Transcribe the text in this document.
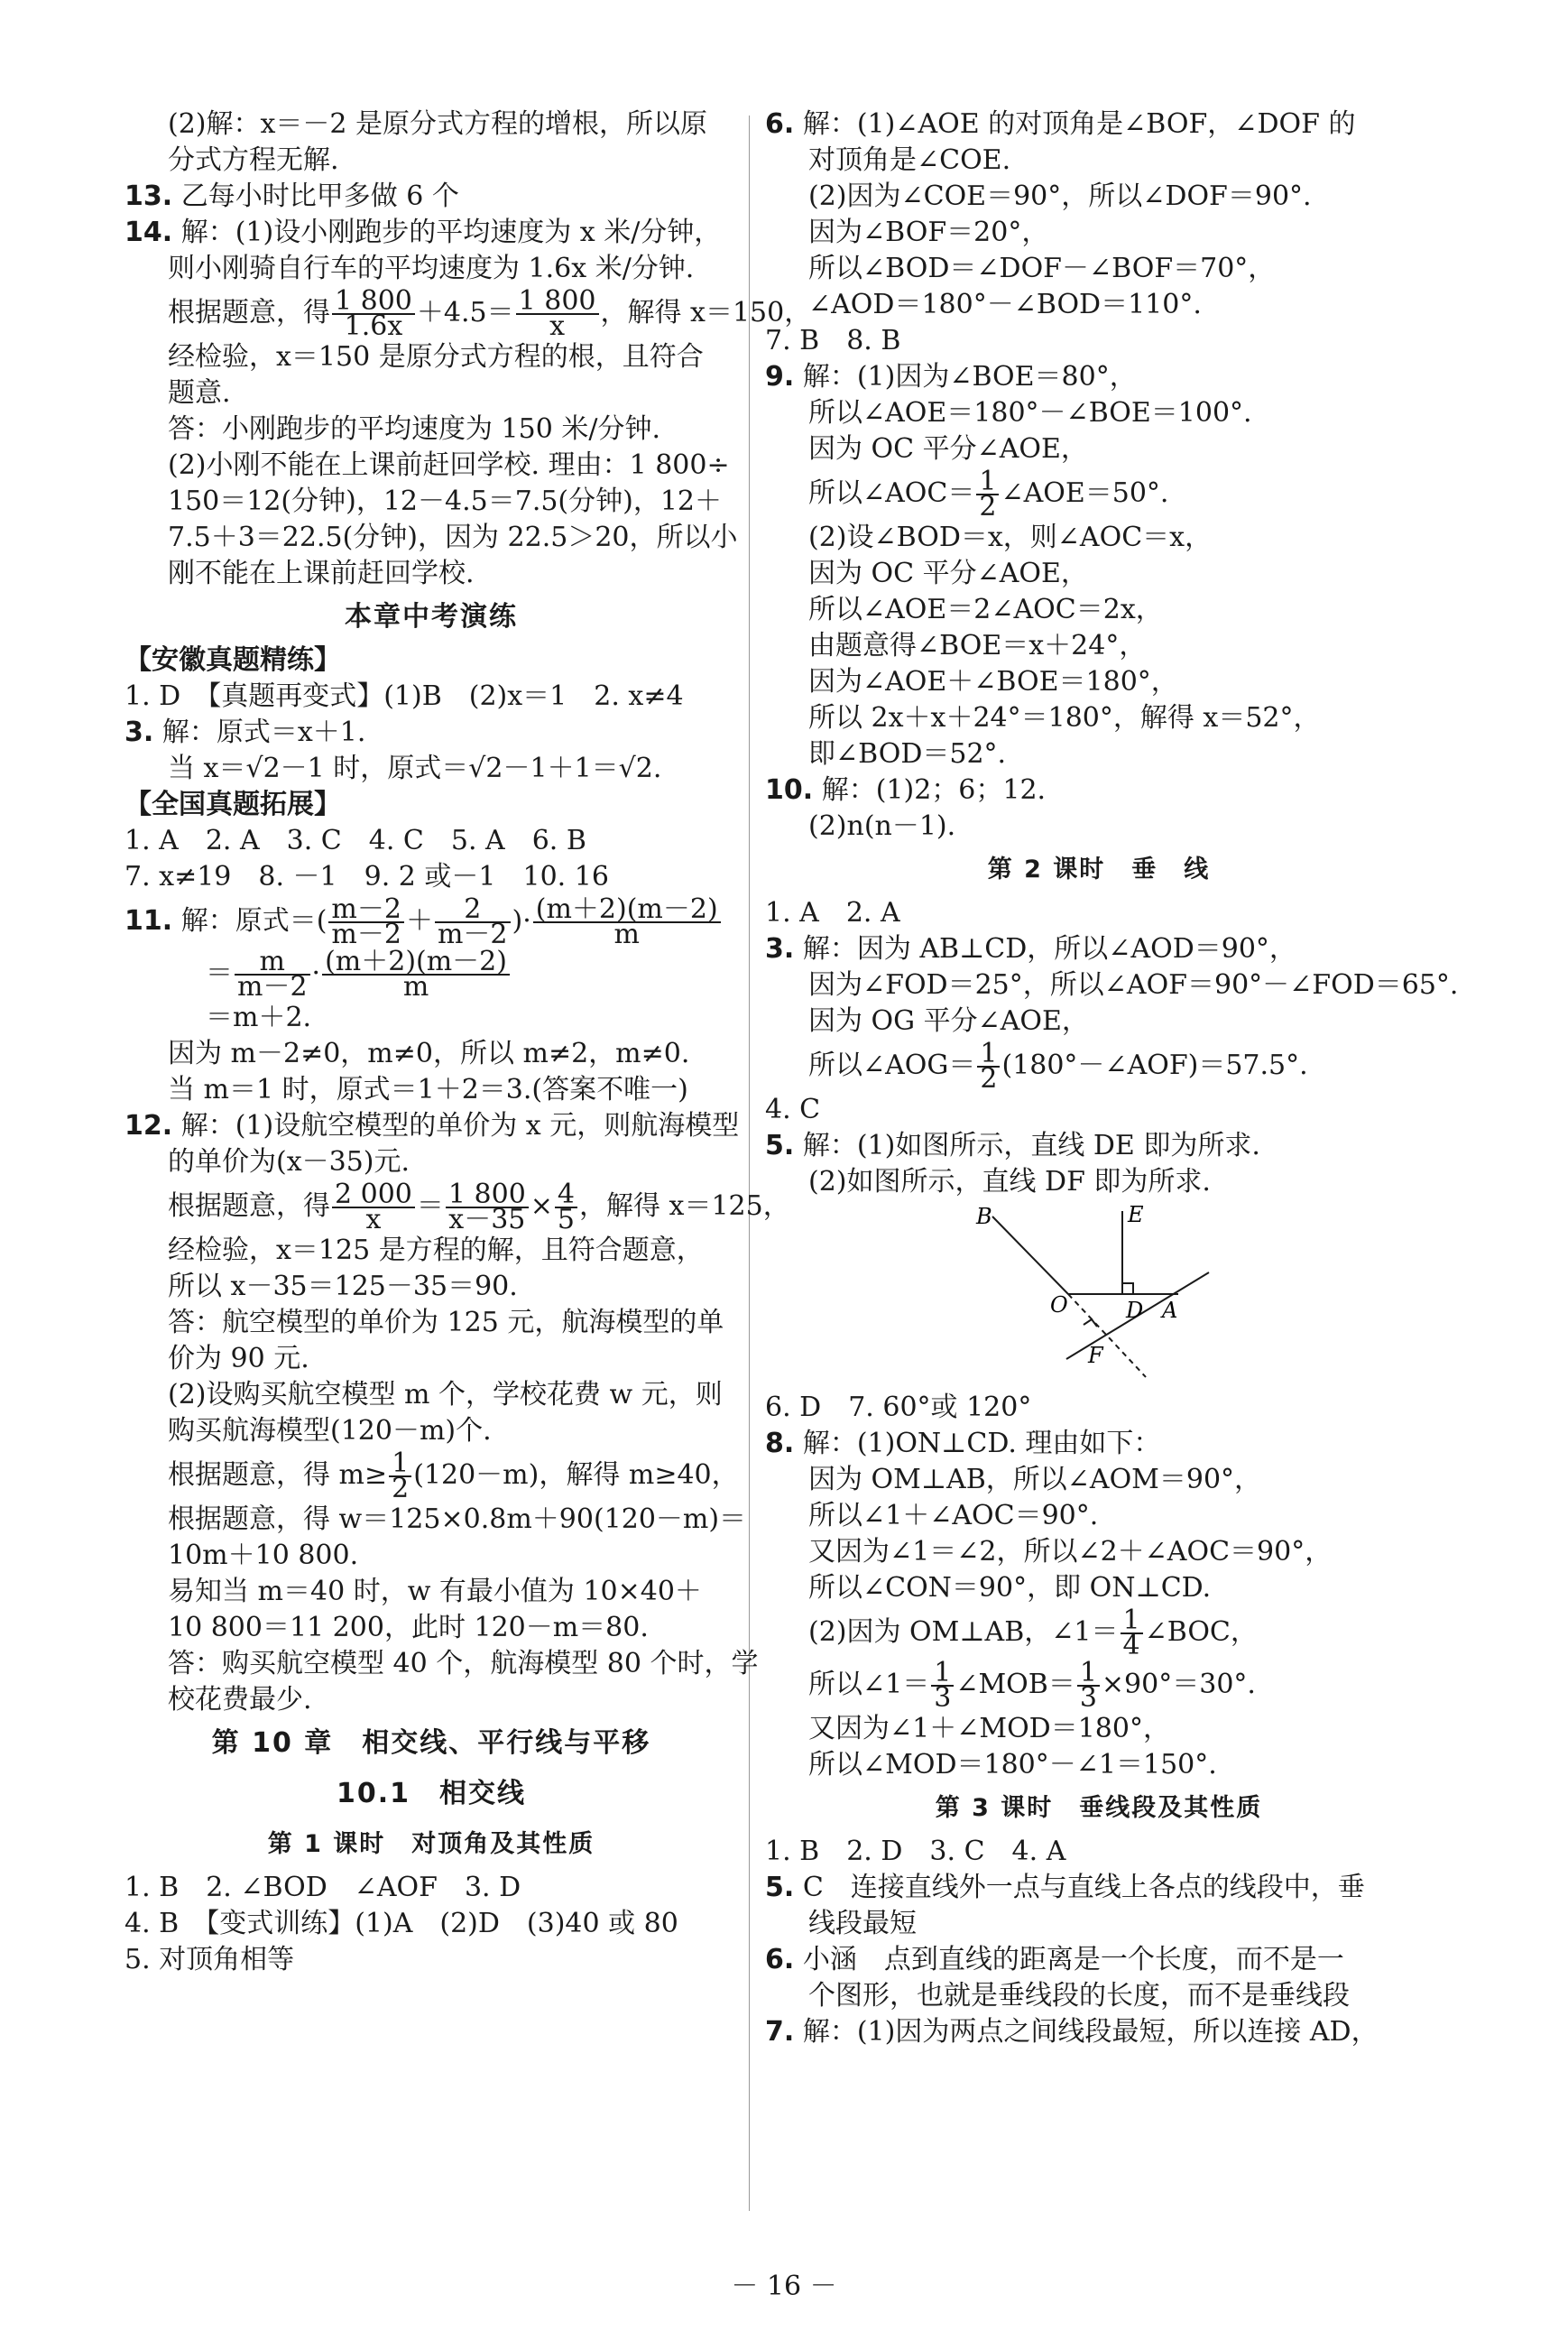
(2)解：x＝－2 是原分式方程的增根，所以原
分式方程无解.
13. 乙每小时比甲多做 6 个
14. 解：(1)设小刚跑步的平均速度为 x 米/分钟，
则小刚骑自行车的平均速度为 1.6x 米/分钟.
根据题意，得 $\frac{1 800}{1.6x} +4.5= \frac{1 800}{x}$ ，解得 x＝150，
经检验，x＝150 是原分式方程的根，且符合
题意.
答：小刚跑步的平均速度为 150 米/分钟.
(2)小刚不能在上课前赶回学校. 理由：1 800÷
150＝12(分钟)，12－4.5＝7.5(分钟)，12＋
7.5＋3＝22.5(分钟)，因为 22.5＞20，所以小
刚不能在上课前赶回学校.
本章中考演练
【安徽真题精练】
1. D　【真题再变式】(1)B　(2)x＝1　2. x≠4
3. 解：原式＝x＋1.
当 x＝√2－1 时，原式＝√2－1＋1＝√2.
【全国真题拓展】
1. A　2. A　3. C　4. C　5. A　6. B
7. x≠19　8. －1　9. 2 或－1　10. 16
11. 解：原式＝( $\frac{m-2}{m-2} + \frac{2}{m-2}$ )· $\frac{(m+2)(m-2)}{m}$
＝ $\frac{m}{m-2} \cdot \frac{(m+2)(m-2)}{m}$
＝m＋2.
因为 m－2≠0，m≠0，所以 m≠2，m≠0.
当 m＝1 时，原式＝1＋2＝3.(答案不唯一)
12. 解：(1)设航空模型的单价为 x 元，则航海模型
的单价为(x－35)元.
根据题意，得 $\frac{2 000}{x} = \frac{1 800}{x-35} \times \frac{4}{5}$ ，解得 x＝125，
经检验，x＝125 是方程的解，且符合题意，
所以 x－35＝125－35＝90.
答：航空模型的单价为 125 元，航海模型的单
价为 90 元.
(2)设购买航空模型 m 个，学校花费 w 元，则
购买航海模型(120－m)个.
根据题意，得 $m\ge \frac{1}{2} (120-m)$，解得 m≥40，
根据题意，得 w＝125×0.8m＋90(120－m)＝
10m＋10 800.
易知当 m＝40 时，w 有最小值为 10×40＋
10 800＝11 200，此时 120－m＝80.
答：购买航空模型 40 个，航海模型 80 个时，学
校花费最少.
第 10 章　相交线、平行线与平移
10.1　相交线
第 1 课时　对顶角及其性质
1. B　2. ∠BOD　∠AOF　3. D
4. B　【变式训练】(1)A　(2)D　(3)40 或 80
5. 对顶角相等
6. 解：(1)∠AOE 的对顶角是∠BOF，∠DOF 的
对顶角是∠COE.
(2)因为∠COE＝90°，所以∠DOF＝90°.
因为∠BOF＝20°，
所以∠BOD＝∠DOF－∠BOF＝70°，
∠AOD＝180°－∠BOD＝110°.
7. B　8. B
9. 解：(1)因为∠BOE＝80°，
所以∠AOE＝180°－∠BOE＝100°.
因为 OC 平分∠AOE，
所以∠AOC＝ $\frac{1}{2}$ ∠AOE＝50°.
(2)设∠BOD＝x，则∠AOC＝x，
因为 OC 平分∠AOE，
所以∠AOE＝2∠AOC＝2x，
由题意得∠BOE＝x＋24°，
因为∠AOE＋∠BOE＝180°，
所以 2x＋x＋24°＝180°，解得 x＝52°，
即∠BOD＝52°.
10. 解：(1)2；6；12.
(2)n(n－1).
第 2 课时　垂　线
1. A　2. A
3. 解：因为 AB⊥CD，所以∠AOD＝90°，
因为∠FOD＝25°，所以∠AOF＝90°－∠FOD＝65°.
因为 OG 平分∠AOE，
所以∠AOG＝ $\frac{1}{2}$ (180°－∠AOF)＝57.5°.
4. C
5. 解：(1)如图所示，直线 DE 即为所求.
(2)如图所示，直线 DF 即为所求.
B	E
O	D A
F
6. D　7. 60°或 120°
8. 解：(1)ON⊥CD. 理由如下：
因为 OM⊥AB，所以∠AOM＝90°，
所以∠1＋∠AOC＝90°.
又因为∠1＝∠2，所以∠2＋∠AOC＝90°，
所以∠CON＝90°，即 ON⊥CD.
(2)因为 OM⊥AB，∠1＝ $\frac{1}{4}$ ∠BOC，
所以∠1＝ $\frac{1}{3}$ ∠MOB＝ $\frac{1}{3} \times 90^\circ=30^\circ$.
又因为∠1＋∠MOD＝180°，
所以∠MOD＝180°－∠1＝150°.
第 3 课时　垂线段及其性质
1. B　2. D　3. C　4. A
5. C　连接直线外一点与直线上各点的线段中，垂
线段最短
6. 小涵　点到直线的距离是一个长度，而不是一
个图形，也就是垂线段的长度，而不是垂线段
7. 解：(1)因为两点之间线段最短，所以连接 AD，
－ 16 －
